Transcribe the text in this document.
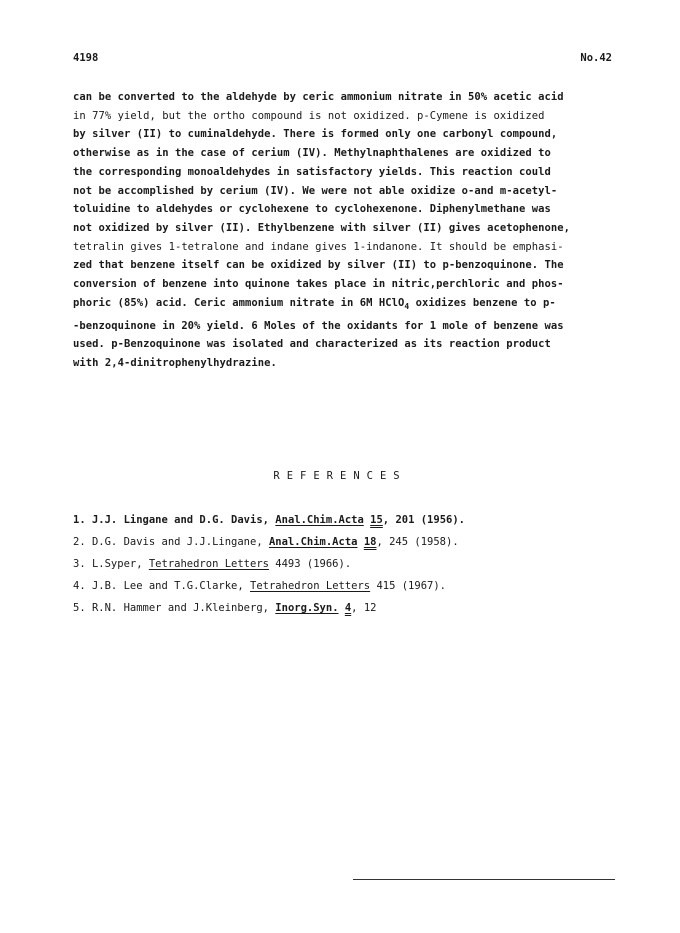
4198	No.42
can be converted to the aldehyde by ceric ammonium nitrate in 50% acetic acid
in 77% yield, but the ortho compound is not oxidized. p-Cymene is oxidized
by silver (II) to cuminaldehyde. There is formed only one carbonyl compound,
otherwise as in the case of cerium (IV). Methylnaphthalenes are oxidized to
the corresponding monoaldehydes in satisfactory yields. This reaction could
not be accomplished by cerium (IV). We were not able oxidize o-and m-acetyl-
toluidine to aldehydes or cyclohexene to cyclohexenone. Diphenylmethane was
not oxidized by silver (II). Ethylbenzene with silver (II) gives acetophenone,
tetralin gives 1-tetralone and indane gives 1-indanone. It should be emphasi-
zed that benzene itself can be oxidized by silver (II) to p-benzoquinone. The
conversion of benzene into quinone takes place in nitric,perchloric and phos-
phoric (85%) acid. Ceric ammonium nitrate in 6M HClO$_4$ oxidizes benzene to p-
-benzoquinone in 20% yield. 6 Moles of the oxidants for 1 mole of benzene was
used. p-Benzoquinone was isolated and characterized as its reaction product
with 2,4-dinitrophenylhydrazine.
REFERENCES
1. J.J. Lingane and D.G. Davis, Anal.Chim.Acta 15, 201 (1956).
2. D.G. Davis and J.J.Lingane, Anal.Chim.Acta 18, 245 (1958).
3. L.Syper, Tetrahedron Letters 4493 (1966).
4. J.B. Lee and T.G.Clarke, Tetrahedron Letters 415 (1967).
5. R.N. Hammer and J.Kleinberg, Inorg.Syn. 4, 12
